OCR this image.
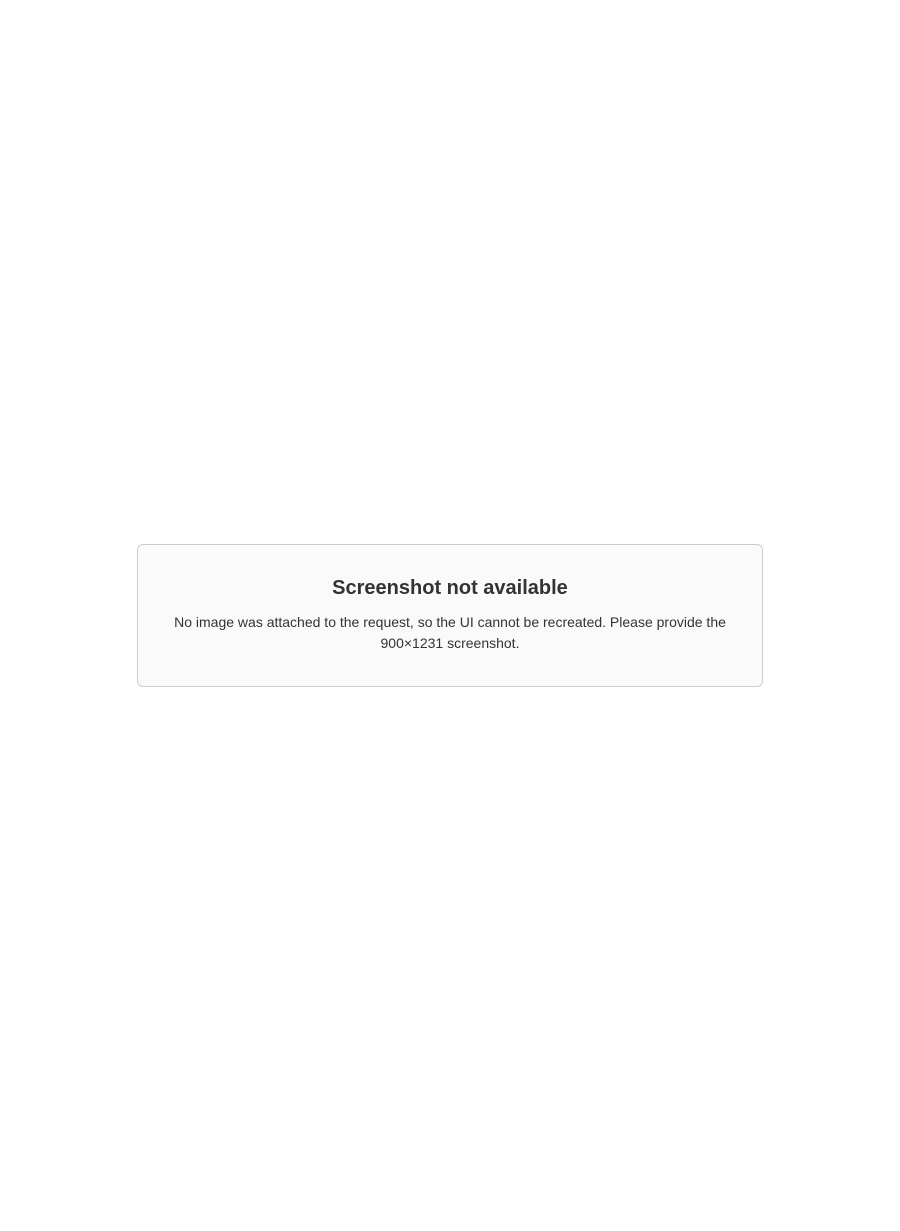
Screenshot not available

No image was attached to the request, so the UI cannot be recreated. Please provide the 900×1231 screenshot.
